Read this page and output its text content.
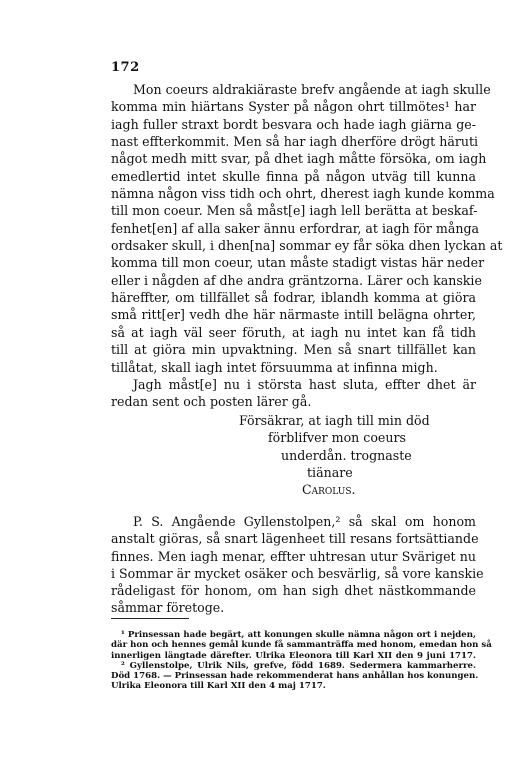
172
Mon coeurs aldrakiäraste brefv angående at iagh skulle
komma min hiärtans Syster på någon ohrt tillmötes¹ har
iagh fuller straxt bordt besvara och hade iagh giärna ge-
nast effterkommit. Men så har iagh dherföre drögt häruti
något medh mitt svar, på dhet iagh måtte försöka, om iagh
emedlertid intet skulle finna på någon utväg till kunna
nämna någon viss tidh och ohrt, dherest iagh kunde komma
till mon coeur. Men så måst[e] iagh lell berätta at beskaf-
fenhet[en] af alla saker ännu erfordrar, at iagh för många
ordsaker skull, i dhen[na] sommar ey får söka dhen lyckan at
komma till mon coeur, utan måste stadigt vistas här neder
eller i någden af dhe andra gräntzorna. Lärer och kanskie
häreffter, om tillfället så fodrar, iblandh komma at giöra
små ritt[er] vedh dhe här närmaste intill belägna ohrter,
så at iagh väl seer föruth, at iagh nu intet kan få tidh
till at giöra min upvaktning. Men så snart tillfället kan
tillåtat, skall iagh intet försuumma at infinna migh.
Jagh måst[e] nu i största hast sluta, effter dhet är
redan sent och posten lärer gå.
Försäkrar, at iagh till min död
förblifver mon coeurs
underdån. trognaste
tiänare
Carolus.
P. S. Angående Gyllenstolpen,² så skal om honom
anstalt giöras, så snart lägenheet till resans fortsättiande
finnes. Men iagh menar, effter uhtresan utur Sväriget nu
i Sommar är mycket osäker och besvärlig, så vore kanskie
rådeligast för honom, om han sigh dhet nästkommande
såmmar företoge.
¹ Prinsessan hade begärt, att konungen skulle nämna någon ort i nejden,
där hon och hennes gemål kunde få sammanträffa med honom, emedan hon så
innerligen längtade därefter. Ulrika Eleonora till Karl XII den 9 juni 1717.
² Gyllenstolpe, Ulrik Nils, grefve, född 1689. Sedermera kammarherre.
Död 1768. — Prinsessan hade rekommenderat hans anhållan hos konungen.
Ulrika Eleonora till Karl XII den 4 maj 1717.
